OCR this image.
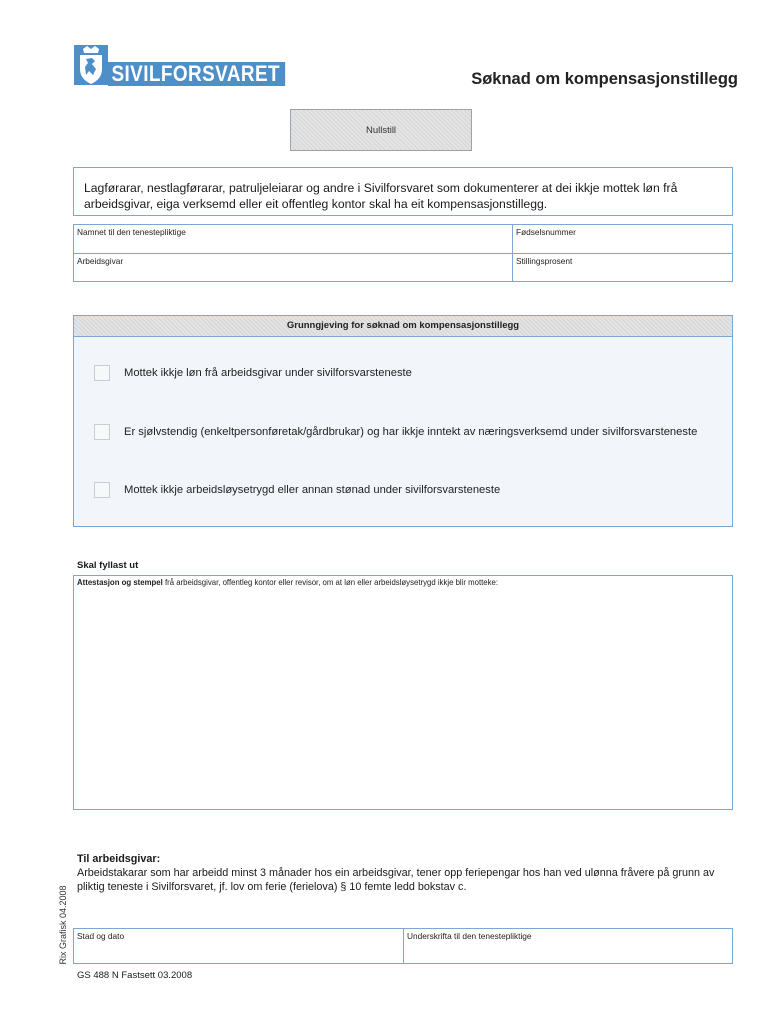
SIVILFORSVARET	Søknad om kompensasjonstillegg
Nullstill
Lagførarar, nestlagførarar, patruljeleiarar og andre i Sivilforsvaret som dokumenterer at dei ikkje mottek løn frå arbeidsgivar, eiga verksemd eller eit offentleg kontor skal ha eit kompensasjonstillegg.
Namnet til den tenestepliktige	Fødselsnummer
Arbeidsgivar	Stillingsprosent
Grunngjeving for søknad om kompensasjonstillegg
Mottek ikkje løn frå arbeidsgivar under sivilforsvarsteneste
Er sjølvstendig (enkeltpersonføretak/gårdbrukar) og har ikkje inntekt av næringsverksemd under sivilforsvarsteneste
Mottek ikkje arbeidsløysetrygd eller annan stønad under sivilforsvarsteneste
Skal fyllast ut
Attestasjon og stempel frå arbeidsgivar, offentleg kontor eller revisor, om at løn eller arbeidsløysetrygd ikkje blir motteke:
Til arbeidsgivar:
Arbeidstakarar som har arbeidd minst 3 månader hos ein arbeidsgivar, tener opp feriepengar hos han ved ulønna fråvere på grunn av pliktig teneste i Sivilforsvaret, jf. lov om ferie (ferielova) § 10 femte ledd bokstav c.
Stad og dato	Underskrifta til den tenestepliktige
GS 488 N Fastsett 03.2008
Rix Grafisk 04.2008
